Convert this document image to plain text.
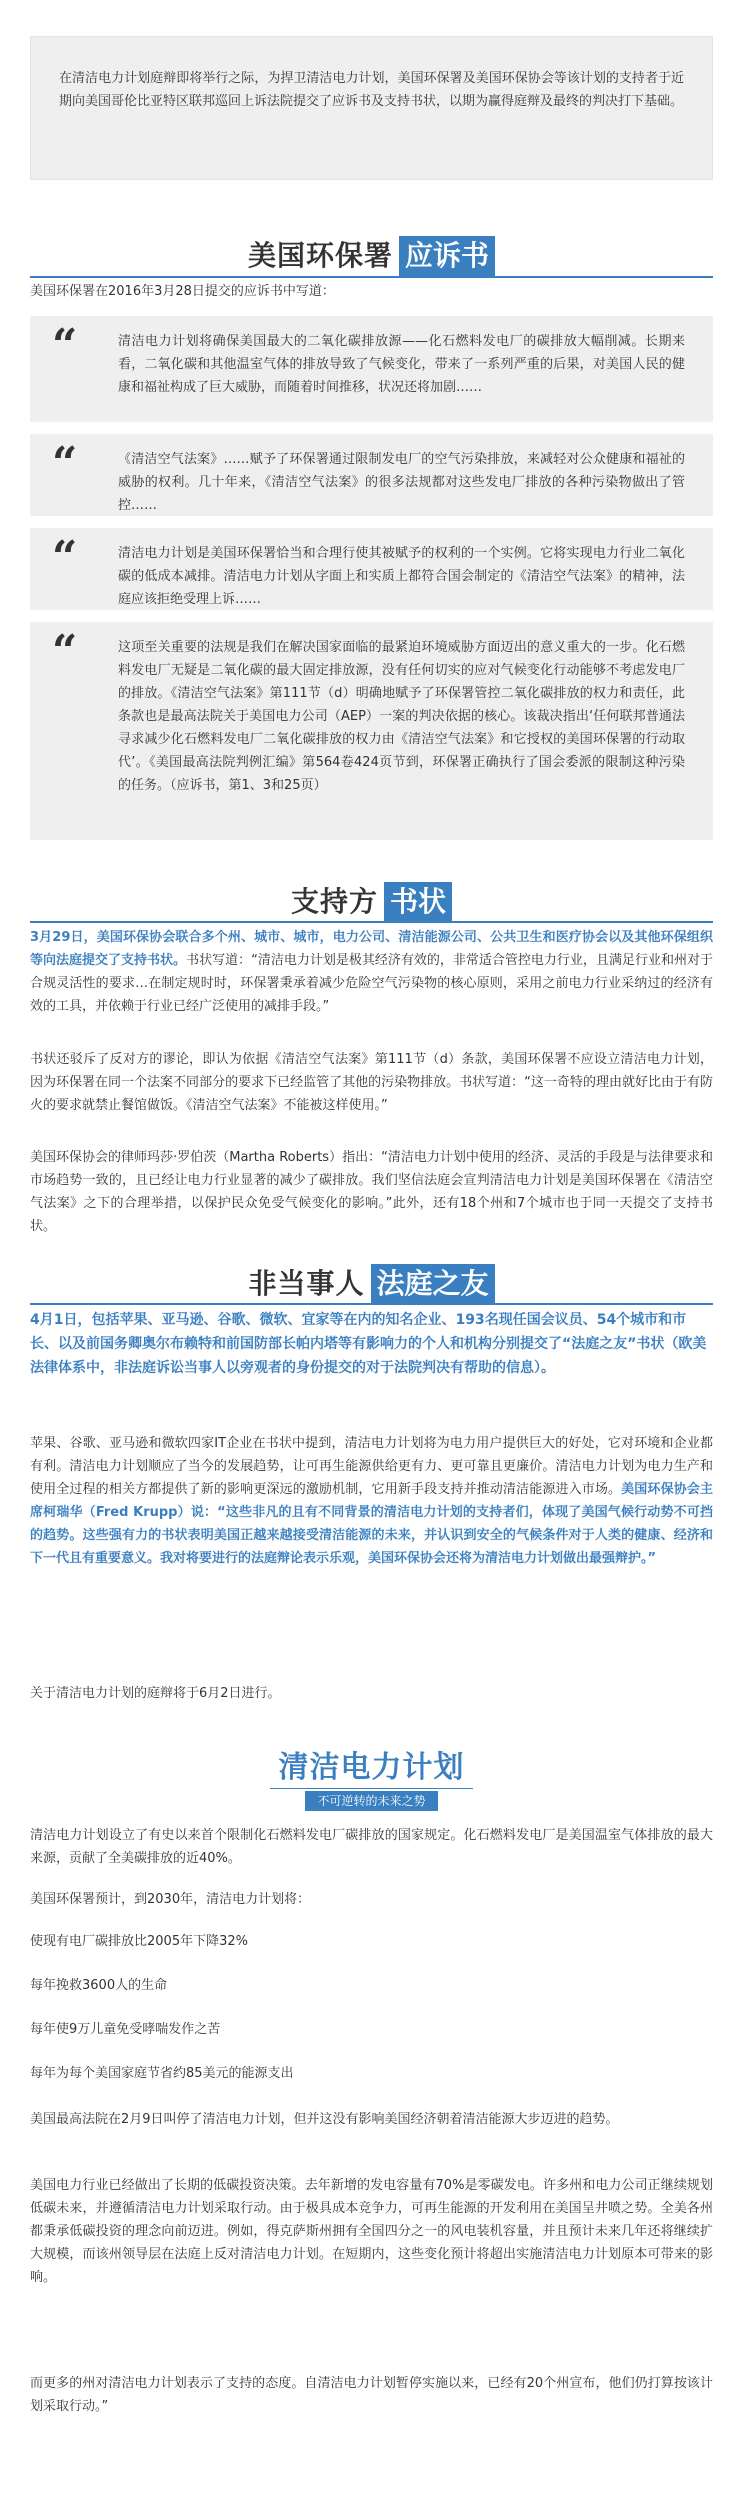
在清洁电力计划庭辩即将举行之际，为捍卫清洁电力计划，美国环保署及美国环保协会等该计划的支持者于近期向美国哥伦比亚特区联邦巡回上诉法院提交了应诉书及支持书状，以期为赢得庭辩及最终的判决打下基础。

美国环保署 应诉书

美国环保署在2016年3月28日提交的应诉书中写道：

“	清洁电力计划将确保美国最大的二氧化碳排放源——化石燃料发电厂的碳排放大幅削减。长期来看，二氧化碳和其他温室气体的排放导致了气候变化，带来了一系列严重的后果，对美国人民的健康和福祉构成了巨大威胁，而随着时间推移，状况还将加剧……

“	《清洁空气法案》……赋予了环保署通过限制发电厂的空气污染排放，来减轻对公众健康和福祉的威胁的权利。几十年来，《清洁空气法案》的很多法规都对这些发电厂排放的各种污染物做出了管控……

“	清洁电力计划是美国环保署恰当和合理行使其被赋予的权利的一个实例。它将实现电力行业二氧化碳的低成本减排。清洁电力计划从字面上和实质上都符合国会制定的《清洁空气法案》的精神，法庭应该拒绝受理上诉……

“	这项至关重要的法规是我们在解决国家面临的最紧迫环境威胁方面迈出的意义重大的一步。化石燃料发电厂无疑是二氧化碳的最大固定排放源，没有任何切实的应对气候变化行动能够不考虑发电厂的排放。《清洁空气法案》第111节（d）明确地赋予了环保署管控二氧化碳排放的权力和责任，此条款也是最高法院关于美国电力公司（AEP）一案的判决依据的核心。该裁决指出‘任何联邦普通法寻求减少化石燃料发电厂二氧化碳排放的权力由《清洁空气法案》和它授权的美国环保署的行动取代’。《美国最高法院判例汇编》第564卷424页节到，环保署正确执行了国会委派的限制这种污染的任务。（应诉书，第1、3和25页）

支持方 书状

3月29日，美国环保协会联合多个州、城市、城市，电力公司、清洁能源公司、公共卫生和医疗协会以及其他环保组织等向法庭提交了支持书状。书状写道：“清洁电力计划是极其经济有效的，非常适合管控电力行业，且满足行业和州对于合规灵活性的要求…在制定规时时，环保署秉承着减少危险空气污染物的核心原则，采用之前电力行业采纳过的经济有效的工具，并依赖于行业已经广泛使用的减排手段。”

书状还驳斥了反对方的谬论，即认为依据《清洁空气法案》第111节（d）条款，美国环保署不应设立清洁电力计划，因为环保署在同一个法案不同部分的要求下已经监管了其他的污染物排放。书状写道：“这一奇特的理由就好比由于有防火的要求就禁止餐馆做饭。《清洁空气法案》不能被这样使用。”

美国环保协会的律师玛莎·罗伯茨（Martha Roberts）指出：“清洁电力计划中使用的经济、灵活的手段是与法律要求和市场趋势一致的，且已经让电力行业显著的减少了碳排放。我们坚信法庭会宣判清洁电力计划是美国环保署在《清洁空气法案》之下的合理举措，以保护民众免受气候变化的影响。”此外，还有18个州和7个城市也于同一天提交了支持书状。

非当事人 法庭之友

4月1日，包括苹果、亚马逊、谷歌、微软、宜家等在内的知名企业、193名现任国会议员、54个城市和市长、以及前国务卿奥尔布赖特和前国防部长帕内塔等有影响力的个人和机构分别提交了“法庭之友”书状（欧美法律体系中，非法庭诉讼当事人以旁观者的身份提交的对于法院判决有帮助的信息）。

苹果、谷歌、亚马逊和微软四家IT企业在书状中提到，清洁电力计划将为电力用户提供巨大的好处，它对环境和企业都有利。清洁电力计划顺应了当今的发展趋势，让可再生能源供给更有力、更可靠且更廉价。清洁电力计划为电力生产和使用全过程的相关方都提供了新的影响更深远的激励机制，它用新手段支持并推动清洁能源进入市场。美国环保协会主席柯瑞华（Fred Krupp）说：“这些非凡的且有不同背景的清洁电力计划的支持者们，体现了美国气候行动势不可挡的趋势。这些强有力的书状表明美国正越来越接受清洁能源的未来，并认识到安全的气候条件对于人类的健康、经济和下一代且有重要意义。我对将要进行的法庭辩论表示乐观，美国环保协会还将为清洁电力计划做出最强辩护。”

关于清洁电力计划的庭辩将于6月2日进行。

清洁电力计划
不可逆转的未来之势

清洁电力计划设立了有史以来首个限制化石燃料发电厂碳排放的国家规定。化石燃料发电厂是美国温室气体排放的最大来源，贡献了全美碳排放的近40%。

美国环保署预计，到2030年，清洁电力计划将：

使现有电厂碳排放比2005年下降32%

每年挽救3600人的生命

每年使9万儿童免受哮喘发作之苦

每年为每个美国家庭节省约85美元的能源支出

美国最高法院在2月9日叫停了清洁电力计划，但并这没有影响美国经济朝着清洁能源大步迈进的趋势。

美国电力行业已经做出了长期的低碳投资决策。去年新增的发电容量有70%是零碳发电。许多州和电力公司正继续规划低碳未来，并遵循清洁电力计划采取行动。由于极具成本竞争力，可再生能源的开发利用在美国呈井喷之势。全美各州都秉承低碳投资的理念向前迈进。例如，得克萨斯州拥有全国四分之一的风电装机容量，并且预计未来几年还将继续扩大规模，而该州领导层在法庭上反对清洁电力计划。在短期内，这些变化预计将超出实施清洁电力计划原本可带来的影响。

而更多的州对清洁电力计划表示了支持的态度。自清洁电力计划暂停实施以来，已经有20个州宣布，他们仍打算按该计划采取行动。”
